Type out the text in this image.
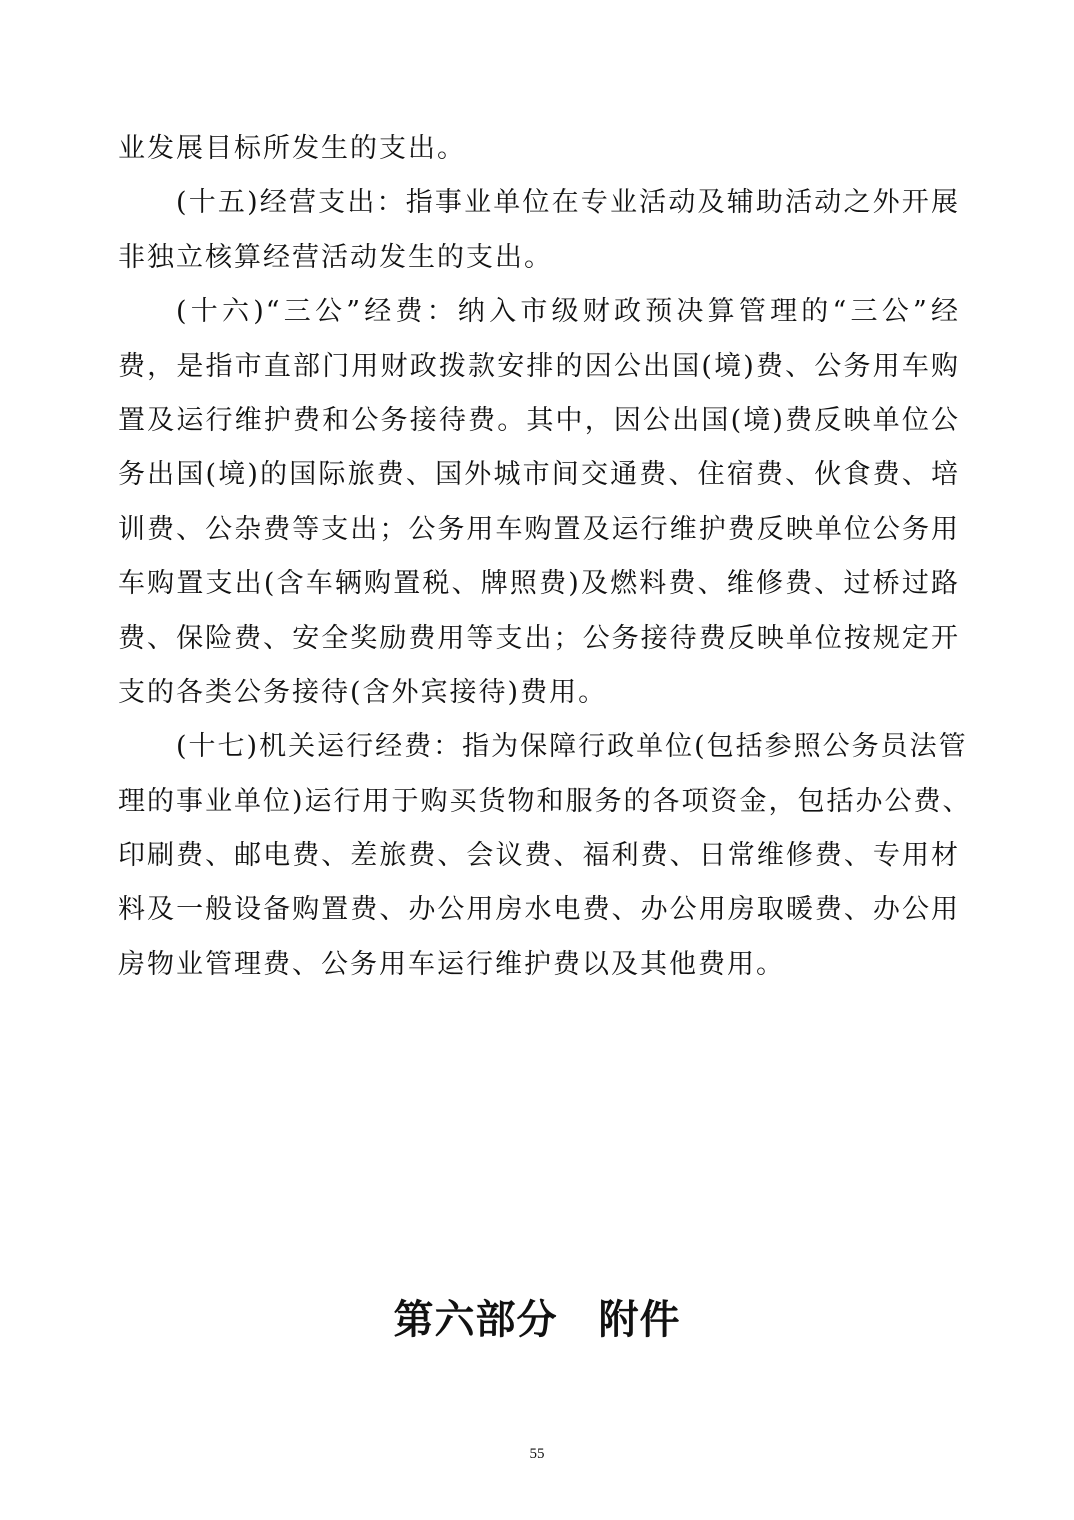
业发展目标所发生的支出。
(十五)经营支出：指事业单位在专业活动及辅助活动之外开展
非独立核算经营活动发生的支出。
(十六)“三公”经费：纳入市级财政预决算管理的“三公”经
费，是指市直部门用财政拨款安排的因公出国(境)费、公务用车购
置及运行维护费和公务接待费。其中，因公出国(境)费反映单位公
务出国(境)的国际旅费、国外城市间交通费、住宿费、伙食费、培
训费、公杂费等支出；公务用车购置及运行维护费反映单位公务用
车购置支出(含车辆购置税、牌照费)及燃料费、维修费、过桥过路
费、保险费、安全奖励费用等支出；公务接待费反映单位按规定开
支的各类公务接待(含外宾接待)费用。
(十七)机关运行经费：指为保障行政单位(包括参照公务员法管
理的事业单位)运行用于购买货物和服务的各项资金，包括办公费、
印刷费、邮电费、差旅费、会议费、福利费、日常维修费、专用材
料及一般设备购置费、办公用房水电费、办公用房取暖费、办公用
房物业管理费、公务用车运行维护费以及其他费用。
第六部分　附件
55
